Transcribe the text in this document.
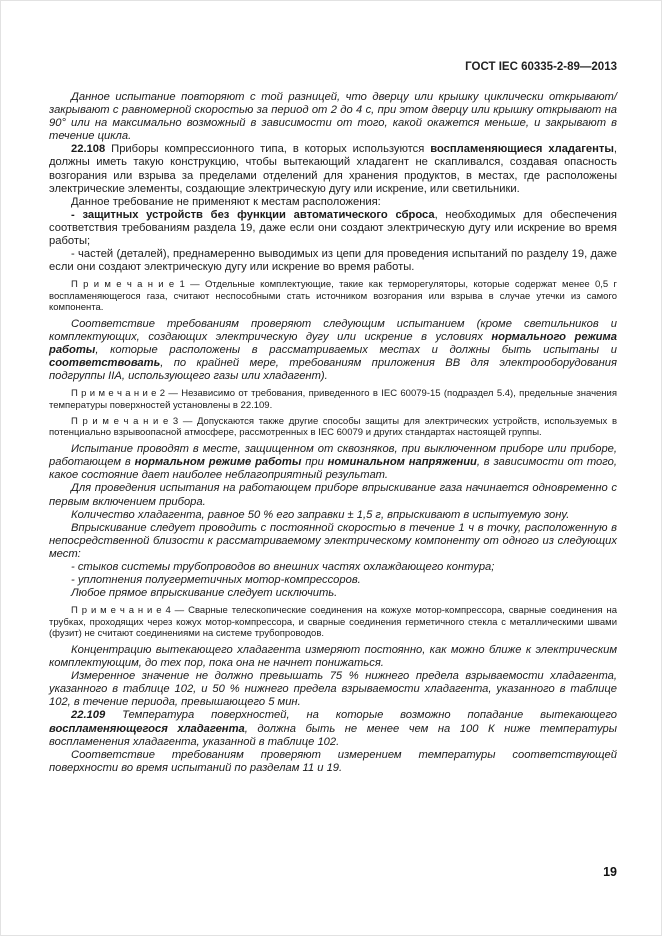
ГОСТ IEC 60335-2-89—2013

Данное испытание повторяют с той разницей, что дверцу или крышку циклически открывают/закрывают с равномерной скоростью за период от 2 до 4 с, при этом дверцу или крышку открывают на 90° или на максимально возможный в зависимости от того, какой окажется меньше, и закрывают в течение цикла.

22.108 Приборы компрессионного типа, в которых используются воспламеняющиеся хладагенты, должны иметь такую конструкцию, чтобы вытекающий хладагент не скапливался, создавая опасность возгорания или взрыва за пределами отделений для хранения продуктов, в местах, где расположены электрические элементы, создающие электрическую дугу или искрение, или светильники.

Данное требование не применяют к местам расположения:

- защитных устройств без функции автоматического сброса, необходимых для обеспечения соответствия требованиям раздела 19, даже если они создают электрическую дугу или искрение во время работы;

- частей (деталей), преднамеренно выводимых из цепи для проведения испытаний по разделу 19, даже если они создают электрическую дугу или искрение во время работы.

П р и м е ч а н и е 1 — Отдельные комплектующие, такие как терморегуляторы, которые содержат менее 0,5 г воспламеняющегося газа, считают неспособными стать источником возгорания или взрыва в случае утечки из самого компонента.

Соответствие требованиям проверяют следующим испытанием (кроме светильников и комплектующих, создающих электрическую дугу или искрение в условиях нормального режима работы, которые расположены в рассматриваемых местах и должны быть испытаны и соответствовать, по крайней мере, требованиям приложения BB для электрооборудования подгруппы IIA, использующего газы или хладагент).

П р и м е ч а н и е 2 — Независимо от требования, приведенного в IEC 60079-15 (подраздел 5.4), предельные значения температуры поверхностей установлены в 22.109.

П р и м е ч а н и е 3 — Допускаются также другие способы защиты для электрических устройств, используемых в потенциально взрывоопасной атмосфере, рассмотренных в IEC 60079 и других стандартах настоящей группы.

Испытание проводят в месте, защищенном от сквозняков, при выключенном приборе или приборе, работающем в нормальном режиме работы при номинальном напряжении, в зависимости от того, какое состояние дает наиболее неблагоприятный результат.

Для проведения испытания на работающем приборе впрыскивание газа начинается одновременно с первым включением прибора.

Количество хладагента, равное 50 % его заправки ± 1,5 г, впрыскивают в испытуемую зону.

Впрыскивание следует проводить с постоянной скоростью в течение 1 ч в точку, расположенную в непосредственной близости к рассматриваемому электрическому компоненту от одного из следующих мест:

- стыков системы трубопроводов во внешних частях охлаждающего контура;

- уплотнения полугерметичных мотор-компрессоров.

Любое прямое впрыскивание следует исключить.

П р и м е ч а н и е 4 — Сварные телескопические соединения на кожухе мотор-компрессора, сварные соединения на трубках, проходящих через кожух мотор-компрессора, и сварные соединения герметичного стекла с металлическими швами (фузит) не считают соединениями на системе трубопроводов.

Концентрацию вытекающего хладагента измеряют постоянно, как можно ближе к электрическим комплектующим, до тех пор, пока она не начнет понижаться.

Измеренное значение не должно превышать 75 % нижнего предела взрываемости хладагента, указанного в таблице 102, и 50 % нижнего предела взрываемости хладагента, указанного в таблице 102, в течение периода, превышающего 5 мин.

22.109 Температура поверхностей, на которые возможно попадание вытекающего воспламеняющегося хладагента, должна быть не менее чем на 100 К ниже температуры воспламенения хладагента, указанной в таблице 102.

Соответствие требованиям проверяют измерением температуры соответствующей поверхности во время испытаний по разделам 11 и 19.

19
